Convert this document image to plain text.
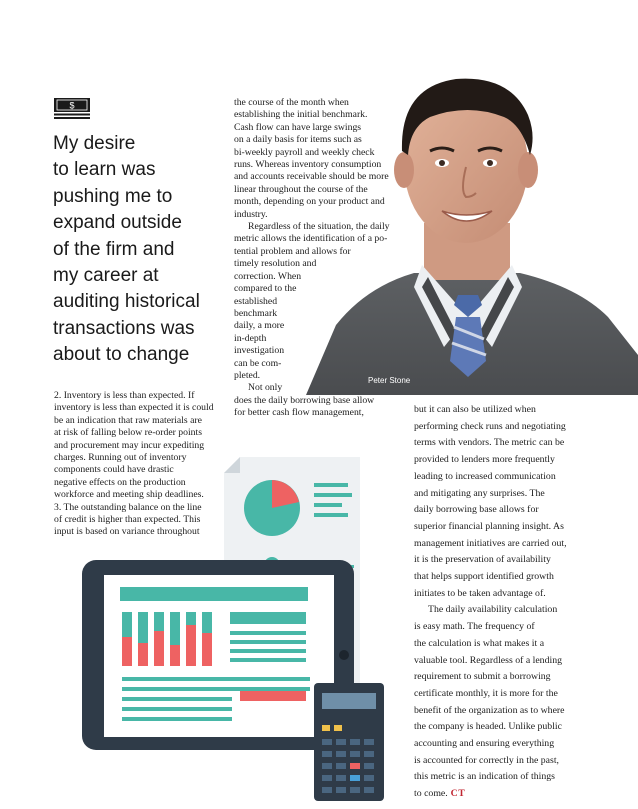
$
My desire
to learn was
pushing me to
expand outside
of the firm and
my career at
auditing historical
transactions was
about to change

2. Inventory is less than expected. If
inventory is less than expected it is could
be an indication that raw materials are
at risk of falling below re-order points
and procurement may incur expediting
charges. Running out of inventory
components could have drastic
negative effects on the production
workforce and meeting ship deadlines.
3. The outstanding balance on the line
of credit is higher than expected. This
input is based on variance throughout

the course of the month when
establishing the initial benchmark.
Cash flow can have large swings
on a daily basis for items such as
bi-weekly payroll and weekly check
runs. Whereas inventory consumption
and accounts receivable should be more
linear throughout the course of the
month, depending on your product and
industry.
Regardless of the situation, the daily
metric allows the identification of a po-
tential problem and allows for
timely resolution and
correction. When
compared to the
established
benchmark
daily, a more
in-depth
investigation
can be com-
pleted.
Not only
does the daily borrowing base allow
for better cash flow management,	but it can also be utilized when
performing check runs and negotiating
terms with vendors. The metric can be
provided to lenders more frequently
leading to increased communication
and mitigating any surprises. The
daily borrowing base allows for
superior financial planning insight. As
management initiatives are carried out,
it is the preservation of availability
that helps support identified growth
initiates to be taken advantage of.
The daily availability calculation
is easy math. The frequency of
the calculation is what makes it a
valuable tool. Regardless of a lending
requirement to submit a borrowing
certificate monthly, it is more for the
benefit of the organization as to where
the company is headed. Unlike public
accounting and ensuring everything
is accounted for correctly in the past,
this metric is an indication of things
to come. CT

Peter Stone
